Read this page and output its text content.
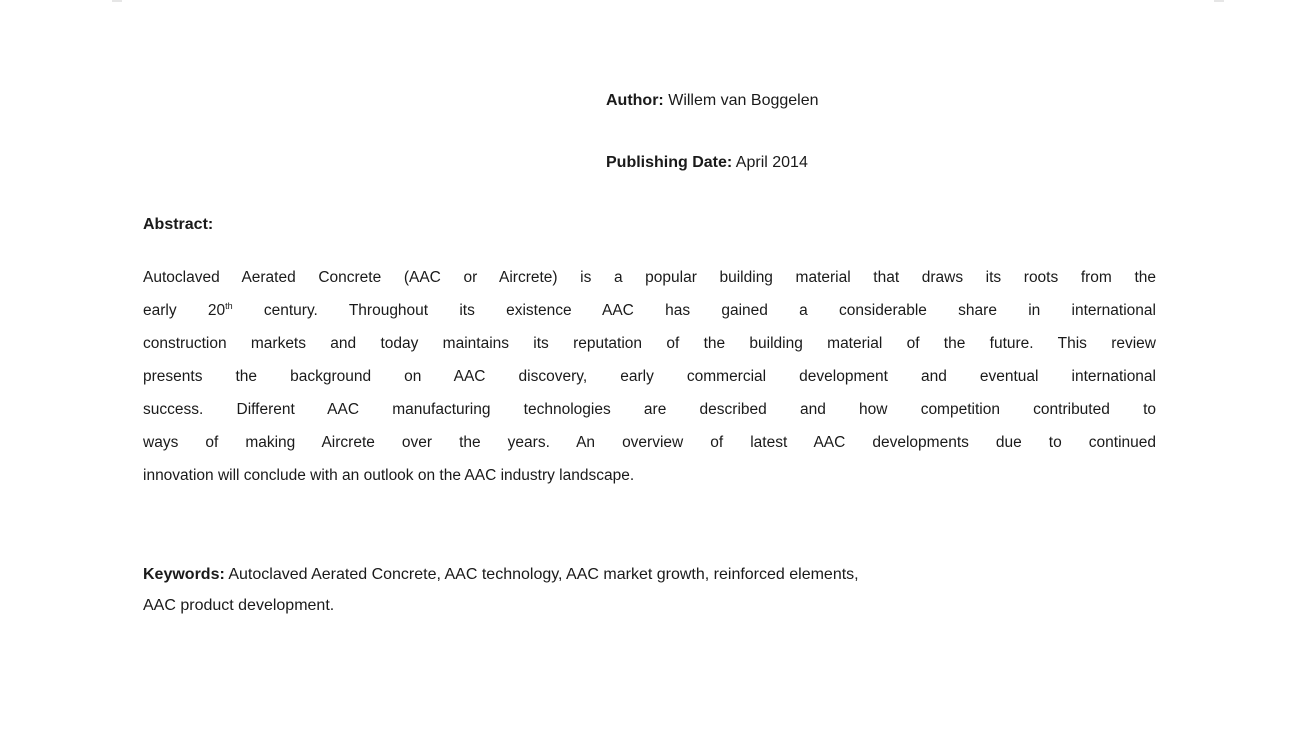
Author: Willem van Boggelen
Publishing Date: April 2014
Abstract:
Autoclaved Aerated Concrete (AAC or Aircrete) is a popular building material that draws its roots from the
early 20th century. Throughout its existence AAC has gained a considerable share in international
construction markets and today maintains its reputation of the building material of the future. This review
presents the background on AAC discovery, early commercial development and eventual international
success. Different AAC manufacturing technologies are described and how competition contributed to
ways of making Aircrete over the years. An overview of latest AAC developments due to continued
innovation will conclude with an outlook on the AAC industry landscape.
Keywords: Autoclaved Aerated Concrete, AAC technology, AAC market growth, reinforced elements,
AAC product development.
